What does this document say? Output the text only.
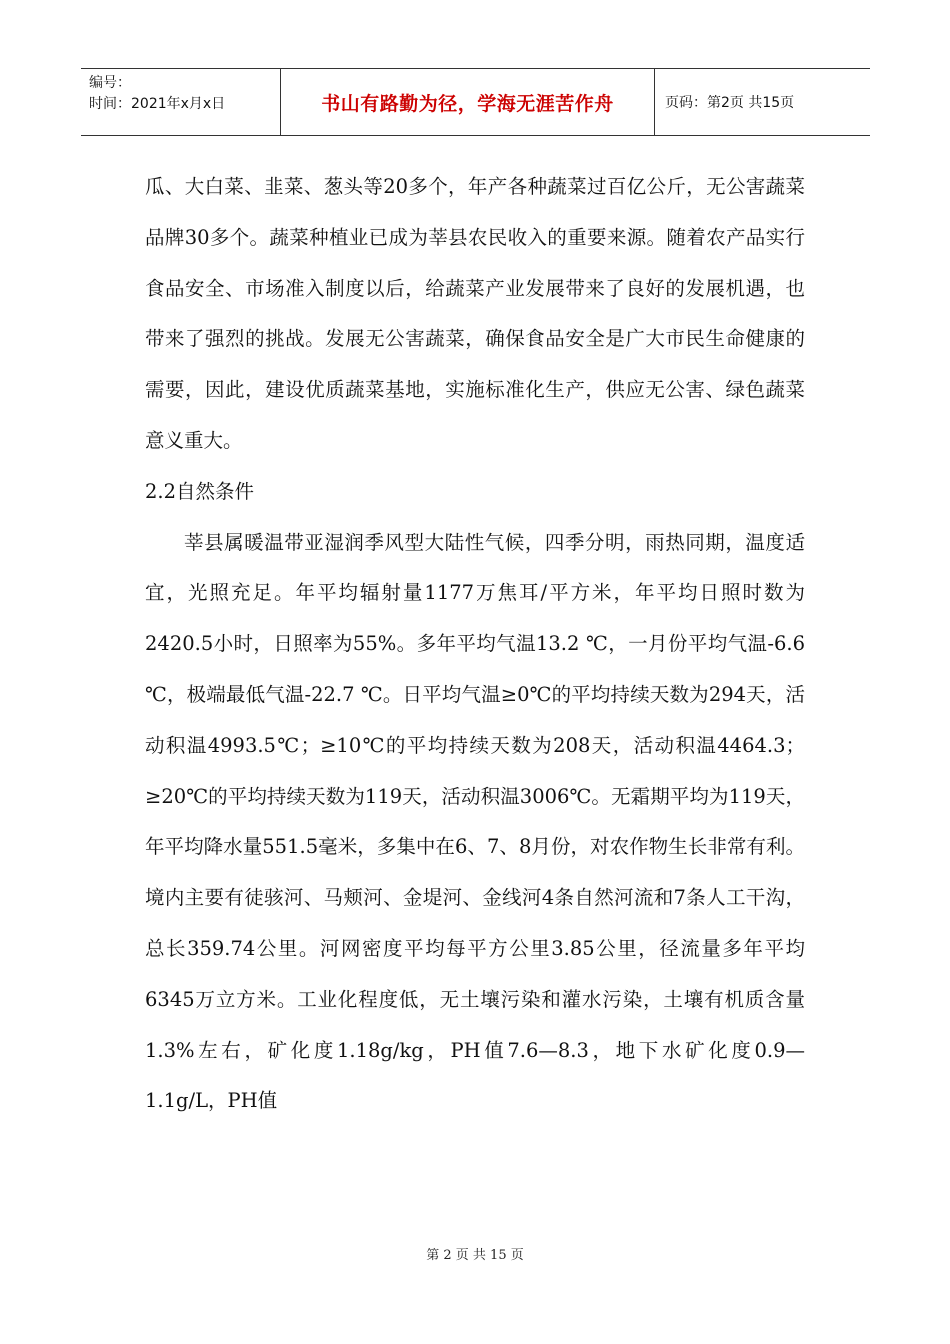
编号：
时间：2021年x月x日	书山有路勤为径，学海无涯苦作舟	页码：第2页 共15页

瓜、大白菜、韭菜、葱头等20多个，年产各种蔬菜过百亿公斤，无公害蔬菜品牌30多个。蔬菜种植业已成为莘县农民收入的重要来源。随着农产品实行食品安全、市场准入制度以后，给蔬菜产业发展带来了良好的发展机遇，也带来了强烈的挑战。发展无公害蔬菜，确保食品安全是广大市民生命健康的需要，因此，建设优质蔬菜基地，实施标准化生产，供应无公害、绿色蔬菜意义重大。

2.2自然条件

莘县属暖温带亚湿润季风型大陆性气候，四季分明，雨热同期，温度适宜，光照充足。年平均辐射量1177万焦耳/平方米，年平均日照时数为2420.5小时，日照率为55%。多年平均气温13.2 ℃，一月份平均气温-6.6 ℃，极端最低气温-22.7 ℃。日平均气温≥0℃的平均持续天数为294天，活动积温4993.5℃；≥10℃的平均持续天数为208天，活动积温4464.3；≥20℃的平均持续天数为119天，活动积温3006℃。无霜期平均为119天，年平均降水量551.5毫米，多集中在6、7、8月份，对农作物生长非常有利。境内主要有徒骇河、马颊河、金堤河、金线河4条自然河流和7条人工干沟，总长359.74公里。河网密度平均每平方公里3.85公里，径流量多年平均6345万立方米。工业化程度低，无土壤污染和灌水污染，土壤有机质含量1.3%左右，矿化度1.18g/kg，PH值7.6—8.3，地下水矿化度0.9—1.1g/L，PH值

第 2 页 共 15 页
